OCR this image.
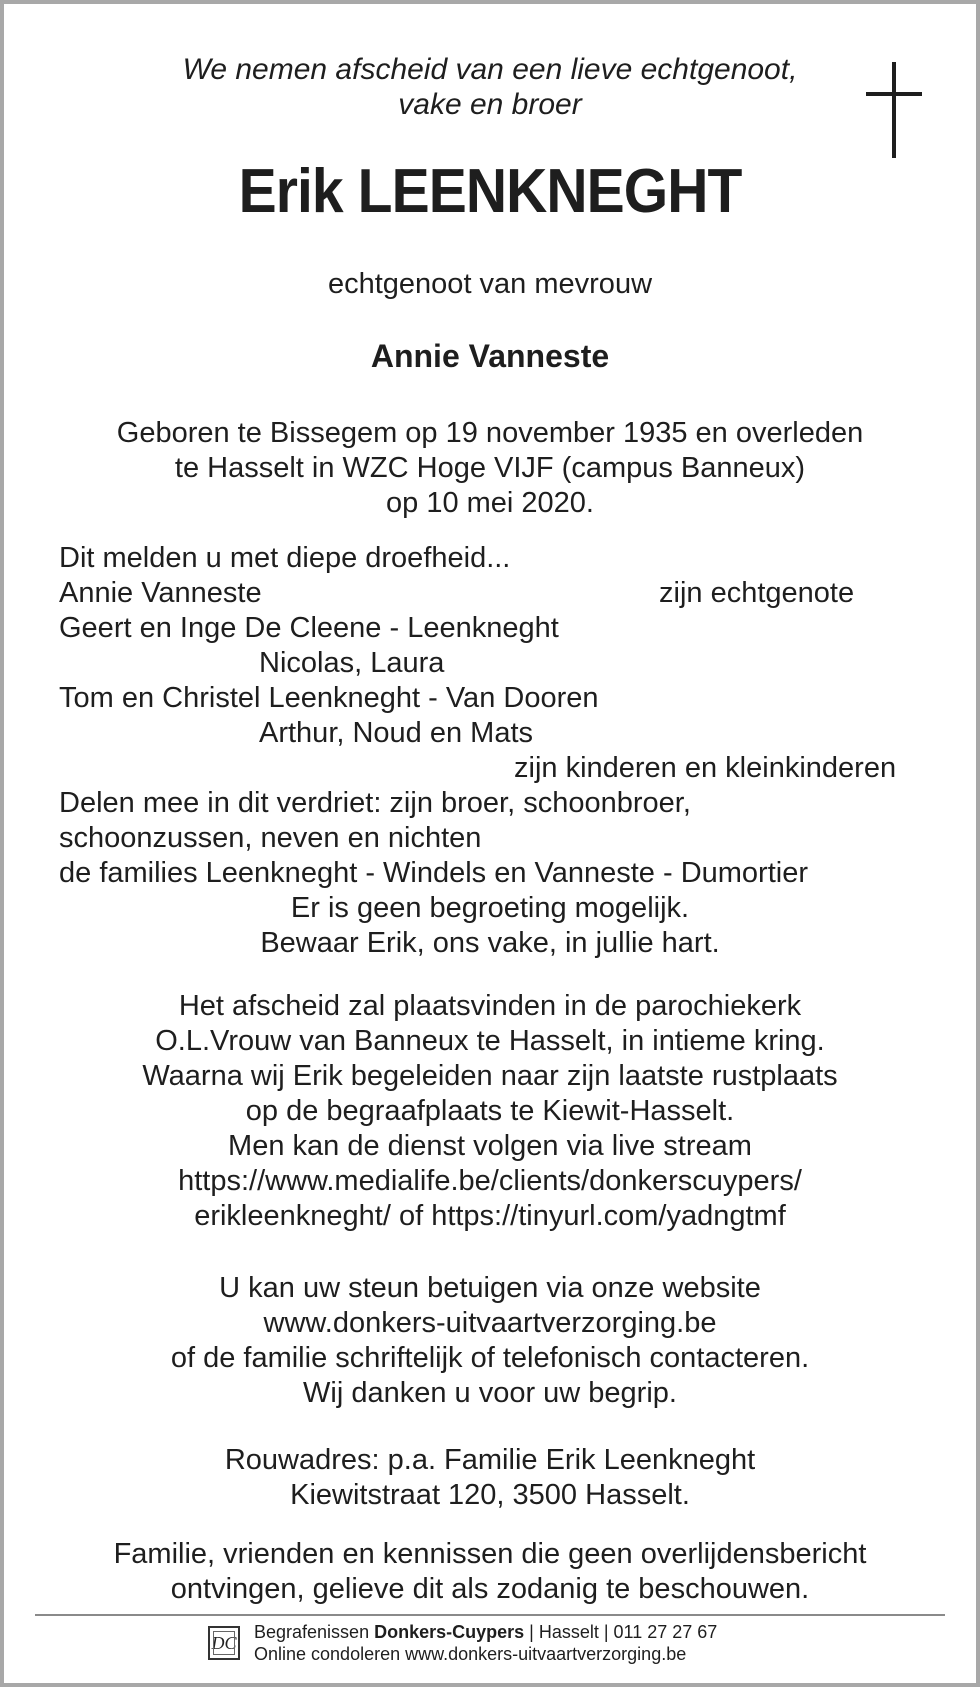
We nemen afscheid van een lieve echtgenoot,
vake en broer
Erik LEENKNEGHT
echtgenoot van mevrouw
Annie Vanneste
Geboren te Bissegem op 19 november 1935 en overleden
te Hasselt in WZC Hoge VIJF (campus Banneux)
op 10 mei 2020.
Dit melden u met diepe droefheid...
Annie Vanneste	zijn echtgenote
Geert en Inge De Cleene - Leenkneght
Nicolas, Laura
Tom en Christel Leenkneght - Van Dooren
Arthur, Noud en Mats
zijn kinderen en kleinkinderen
Delen mee in dit verdriet: zijn broer, schoonbroer,
schoonzussen, neven en nichten
de families Leenkneght - Windels en Vanneste - Dumortier
Er is geen begroeting mogelijk.
Bewaar Erik, ons vake, in jullie hart.
Het afscheid zal plaatsvinden in de parochiekerk
O.L.Vrouw van Banneux te Hasselt, in intieme kring.
Waarna wij Erik begeleiden naar zijn laatste rustplaats
op de begraafplaats te Kiewit-Hasselt.
Men kan de dienst volgen via live stream
https://www.medialife.be/clients/donkerscuypers/
erikleenkneght/ of https://tinyurl.com/yadngtmf
U kan uw steun betuigen via onze website
www.donkers-uitvaartverzorging.be
of de familie schriftelijk of telefonisch contacteren.
Wij danken u voor uw begrip.
Rouwadres: p.a. Familie Erik Leenkneght
Kiewitstraat 120, 3500 Hasselt.
Familie, vrienden en kennissen die geen overlijdensbericht
ontvingen, gelieve dit als zodanig te beschouwen.
DC
Begrafenissen Donkers-Cuypers | Hasselt | 011 27 27 67
Online condoleren www.donkers-uitvaartverzorging.be
